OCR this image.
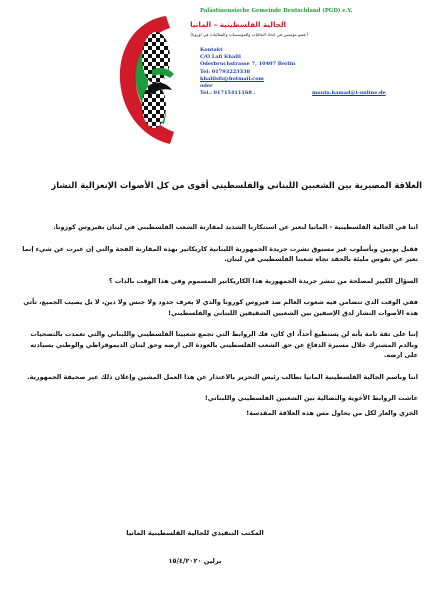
Palästinensische Gemeinde Deutschland (PGD) e.V.
الجالية الفلسطينية – المانيا
(عضو مؤسس في اتحاد الجاليات والمؤسسات والفعاليات في اوروبا)
Kontakt
C/O Lafi Khalil
Oderbruchstrasse 7, 10407 Berlin
Tel: 01793223338
khalilsfs@hotmail.com
oder
Tel.: 01715411168 .	mouin.hamad@t-online.de
العلاقة المصيرية بين الشعبين اللبناني والفلسطيني أقوى من كل الأصوات الإنعزالية النشاز

اننا في الجالية الفلسطينية - المانيا لنعبر عن استنكارنا الشديد لمقارنة الشعب الفلسطيني في لبنان بفيروس كورونا.

فقبل يومين وبأسلوب غير مسبوق نشرت جريدة الجمهورية اللبنانية كاريكاتير بهذه المقارنة الفجة والتي إن عبرت عن شيء إنما تعبر عن نفوس مليئة بالحقد تجاه شعبنا الفلسطيني في لبنان.

السؤال الكبير لمصلحة من تنشر جريدة الجمهورية هذا الكاريكاتير المسموم وفي هذا الوقت بالذات ؟

ففي الوقت الذي تتضامن فيه شعوب العالم ضد فيروس كورونا والذي لا يعرف حدود ولا جنس ولا دين، لا بل يصيب الجميع، تأتي هذه الأصوات النشاز لدق الإسفين بين الشعبين الشقيقين اللبناني والفلسطيني!

إننا على ثقة تامة بأنه لن يستطيع أحداً، اي كان، فك الروابط التي تجمع شعبينا الفلسطيني واللبناني والتي تعمدت بالتضحيات وبالدم المشترك خلال مسيرة الدفاع عن حق الشعب الفلسطيني بالعودة الى ارضه وحق لبنان الديموقراطي والوطني بسيادته على ارضه.

اننا وباسم الجالية الفلسطينية المانيا نطالب رئيس التحرير بالاعتذار عن هذا العمل المشين وإعلان ذلك عبر صحيفة الجمهورية.

عاشت الروابط الأخوية والنضالية بين الشعبين الفلسطيني واللبناني!

الخزي والعار لكل من يحاول مس هذه العلاقة المقدسة!

المكتب التنفيذي للجالية الفلسطينية المانيا
برلين ١٥/٤/٢٠٢٠
